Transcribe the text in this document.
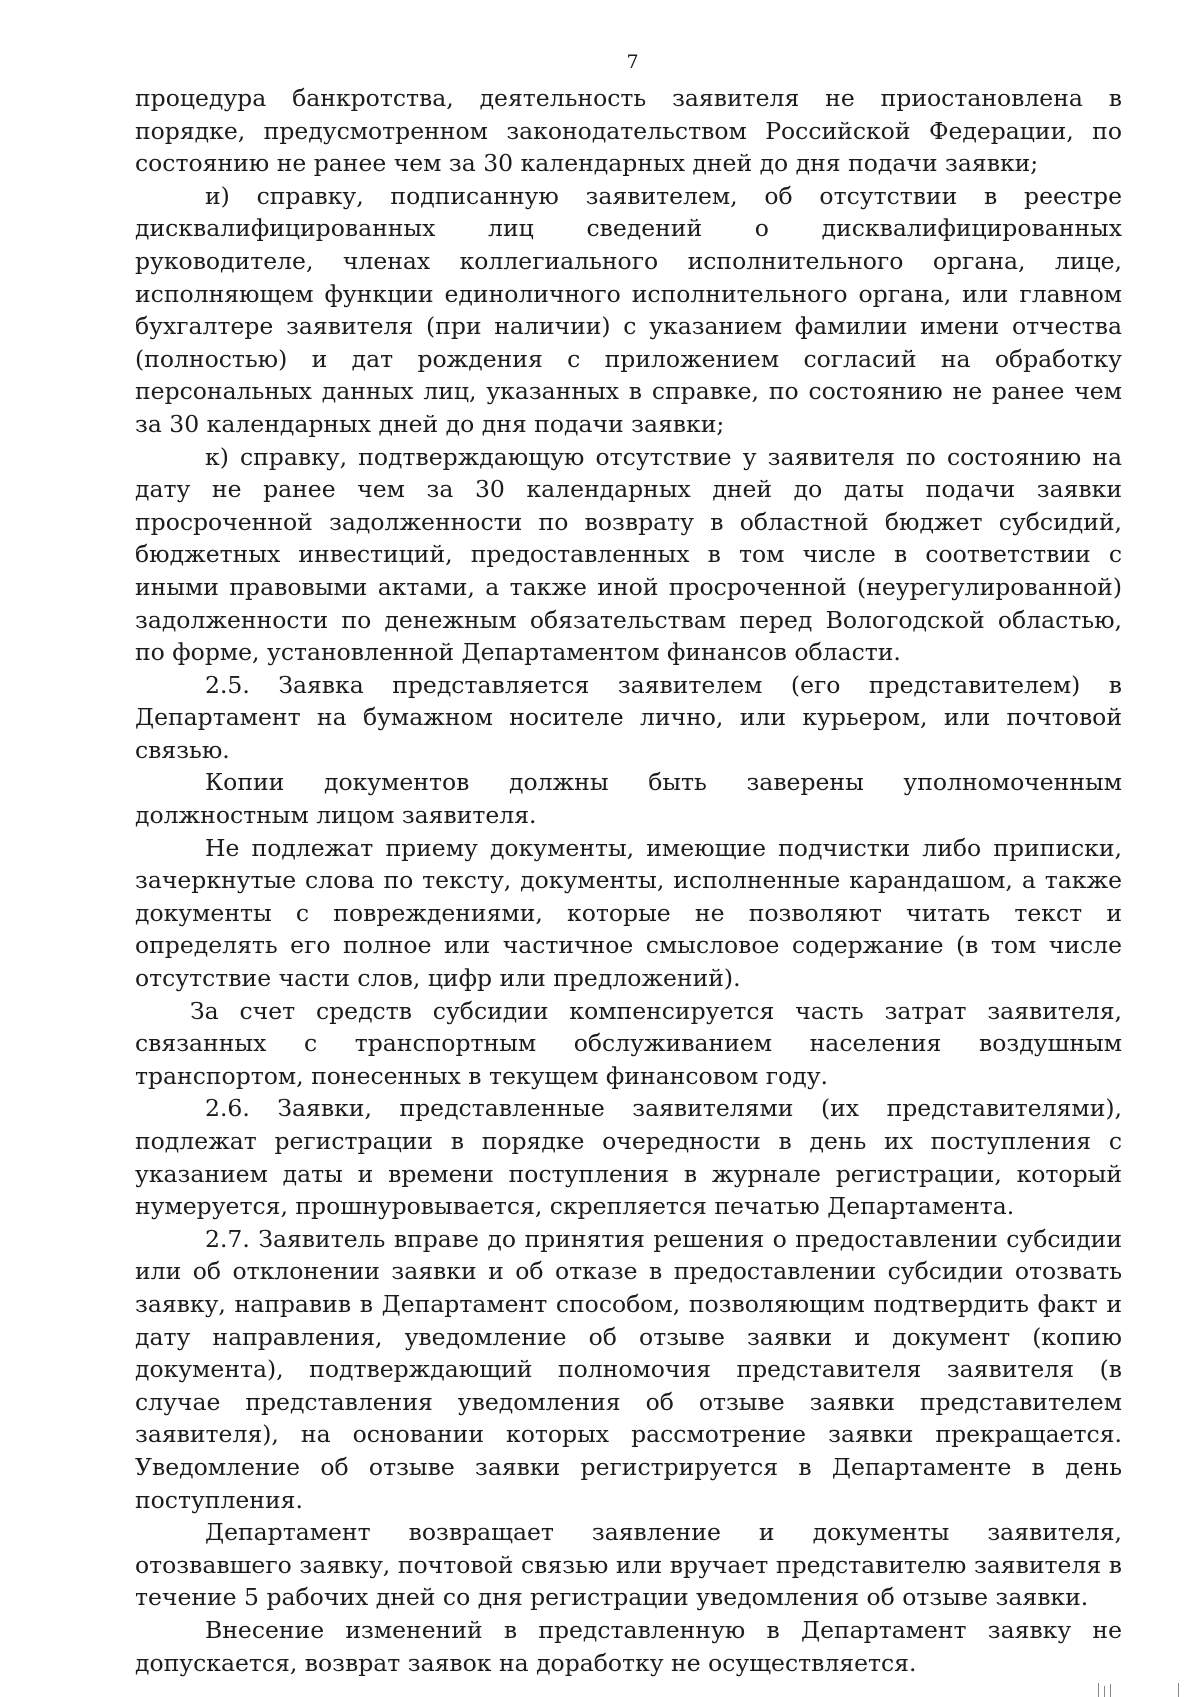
7

процедура банкротства, деятельность заявителя не приостановлена в порядке, предусмотренном законодательством Российской Федерации, по состоянию не ранее чем за 30 календарных дней до дня подачи заявки;

и) справку, подписанную заявителем, об отсутствии в реестре дисквалифицированных лиц сведений о дисквалифицированных руководителе, членах коллегиального исполнительного органа, лице, исполняющем функции единоличного исполнительного органа, или главном бухгалтере заявителя (при наличии) с указанием фамилии имени отчества (полностью) и дат рождения с приложением согласий на обработку персональных данных лиц, указанных в справке, по состоянию не ранее чем за 30 календарных дней до дня подачи заявки;

к) справку, подтверждающую отсутствие у заявителя по состоянию на дату не ранее чем за 30 календарных дней до даты подачи заявки просроченной задолженности по возврату в областной бюджет субсидий, бюджетных инвестиций, предоставленных в том числе в соответствии с иными правовыми актами, а также иной просроченной (неурегулированной) задолженности по денежным обязательствам перед Вологодской областью, по форме, установленной Департаментом финансов области.

2.5. Заявка представляется заявителем (его представителем) в Департамент на бумажном носителе лично, или курьером, или почтовой связью.

Копии документов должны быть заверены уполномоченным должностным лицом заявителя.

Не подлежат приему документы, имеющие подчистки либо приписки, зачеркнутые слова по тексту, документы, исполненные карандашом, а также документы с повреждениями, которые не позволяют читать текст и определять его полное или частичное смысловое содержание (в том числе отсутствие части слов, цифр или предложений).

За счет средств субсидии компенсируется часть затрат заявителя, связанных с транспортным обслуживанием населения воздушным транспортом, понесенных в текущем финансовом году.

2.6. Заявки, представленные заявителями (их представителями), подлежат регистрации в порядке очередности в день их поступления с указанием даты и времени поступления в журнале регистрации, который нумеруется, прошнуровывается, скрепляется печатью Департамента.

2.7. Заявитель вправе до принятия решения о предоставлении субсидии или об отклонении заявки и об отказе в предоставлении субсидии отозвать заявку, направив в Департамент способом, позволяющим подтвердить факт и дату направления, уведомление об отзыве заявки и документ (копию документа), подтверждающий полномочия представителя заявителя (в случае представления уведомления об отзыве заявки представителем заявителя), на основании которых рассмотрение заявки прекращается. Уведомление об отзыве заявки регистрируется в Департаменте в день поступления.

Департамент возвращает заявление и документы заявителя, отозвавшего заявку, почтовой связью или вручает представителю заявителя в течение 5 рабочих дней со дня регистрации уведомления об отзыве заявки.

Внесение изменений в представленную в Департамент заявку не допускается, возврат заявок на доработку не осуществляется.
